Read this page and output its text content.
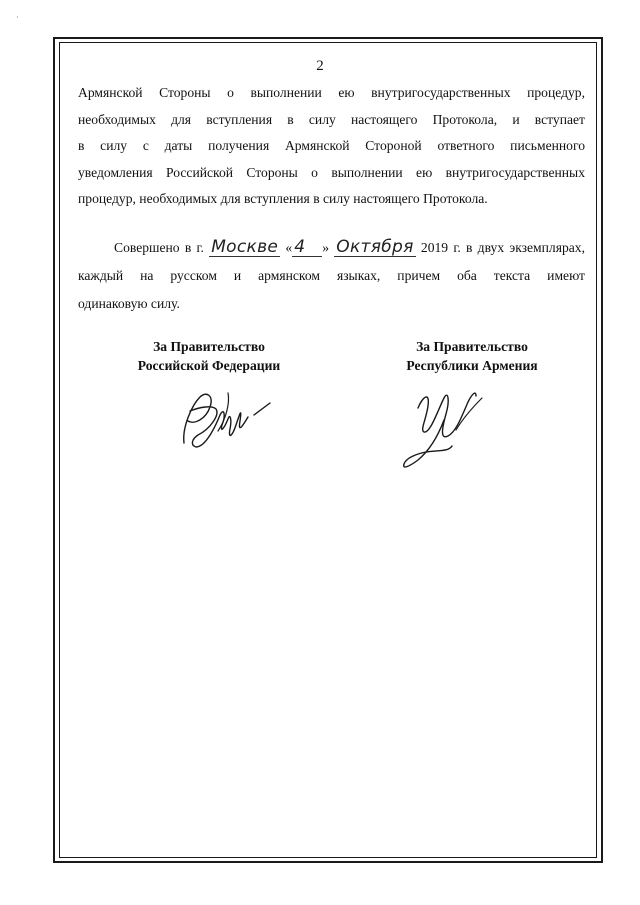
·
2
Армянской Стороны о выполнении ею внутригосударственных процедур,
необходимых для вступления в силу настоящего Протокола, и вступает
в силу с даты получения Армянской Стороной ответного письменного
уведомления Российской Стороны о выполнении ею внутригосударственных
процедур, необходимых для вступления в силу настоящего Протокола.
Совершено в г. Москве « 4 » Октября 2019 г. в двух экземплярах,
каждый на русском и армянском языках, причем оба текста имеют
одинаковую силу.
За Правительство
Российской Федерации
За Правительство
Республики Армения
